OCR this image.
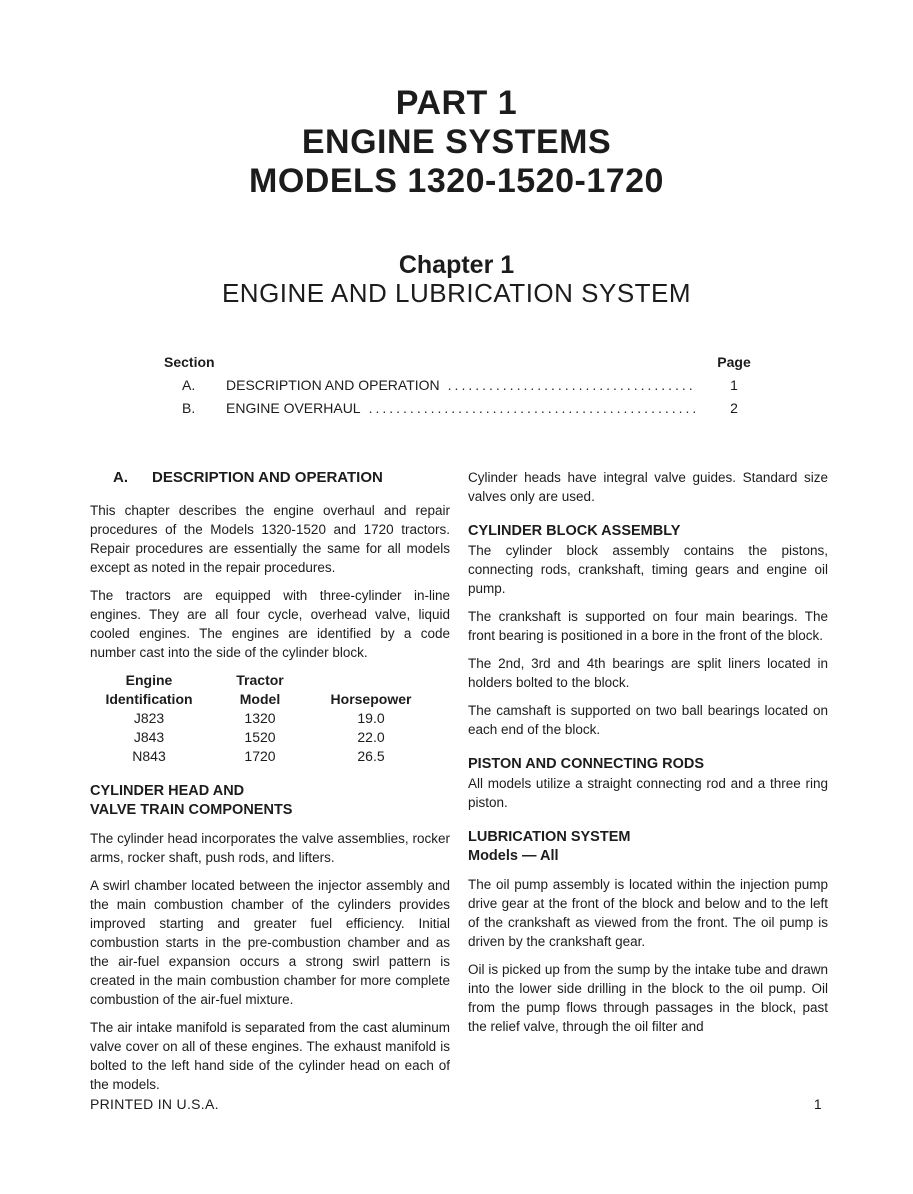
PART 1
ENGINE SYSTEMS
MODELS 1320-1520-1720
Chapter 1
ENGINE AND LUBRICATION SYSTEM
Section	Page
A.	DESCRIPTION AND OPERATION .....	1
B.	ENGINE OVERHAUL .....	2
A.	DESCRIPTION AND OPERATION

This chapter describes the engine overhaul and repair procedures of the Models 1320-1520 and 1720 tractors. Repair procedures are essentially the same for all models except as noted in the repair procedures.

The tractors are equipped with three-cylinder in-line engines. They are all four cycle, overhead valve, liquid cooled engines. The engines are identified by a code number cast into the side of the cylinder block.

Engine	Tractor
Identification	Model	Horsepower
J823	1320	19.0
J843	1520	22.0
N843	1720	26.5
CYLINDER HEAD AND
VALVE TRAIN COMPONENTS

The cylinder head incorporates the valve assemblies, rocker arms, rocker shaft, push rods, and lifters.

A swirl chamber located between the injector assembly and the main combustion chamber of the cylinders provides improved starting and greater fuel efficiency. Initial combustion starts in the pre-combustion chamber and as the air-fuel expansion occurs a strong swirl pattern is created in the main combustion chamber for more complete combustion of the air-fuel mixture.

The air intake manifold is separated from the cast aluminum valve cover on all of these engines. The exhaust manifold is bolted to the left hand side of the cylinder head on each of the models.

Cylinder heads have integral valve guides. Standard size valves only are used.

CYLINDER BLOCK ASSEMBLY

The cylinder block assembly contains the pistons, connecting rods, crankshaft, timing gears and engine oil pump.

The crankshaft is supported on four main bearings. The front bearing is positioned in a bore in the front of the block.

The 2nd, 3rd and 4th bearings are split liners located in holders bolted to the block.

The camshaft is supported on two ball bearings located on each end of the block.

PISTON AND CONNECTING RODS

All models utilize a straight connecting rod and a three ring piston.

LUBRICATION SYSTEM
Models — All

The oil pump assembly is located within the injection pump drive gear at the front of the block and below and to the left of the crankshaft as viewed from the front. The oil pump is driven by the crankshaft gear.

Oil is picked up from the sump by the intake tube and drawn into the lower side drilling in the block to the oil pump. Oil from the pump flows through passages in the block, past the relief valve, through the oil filter and

PRINTED IN U.S.A.	1
